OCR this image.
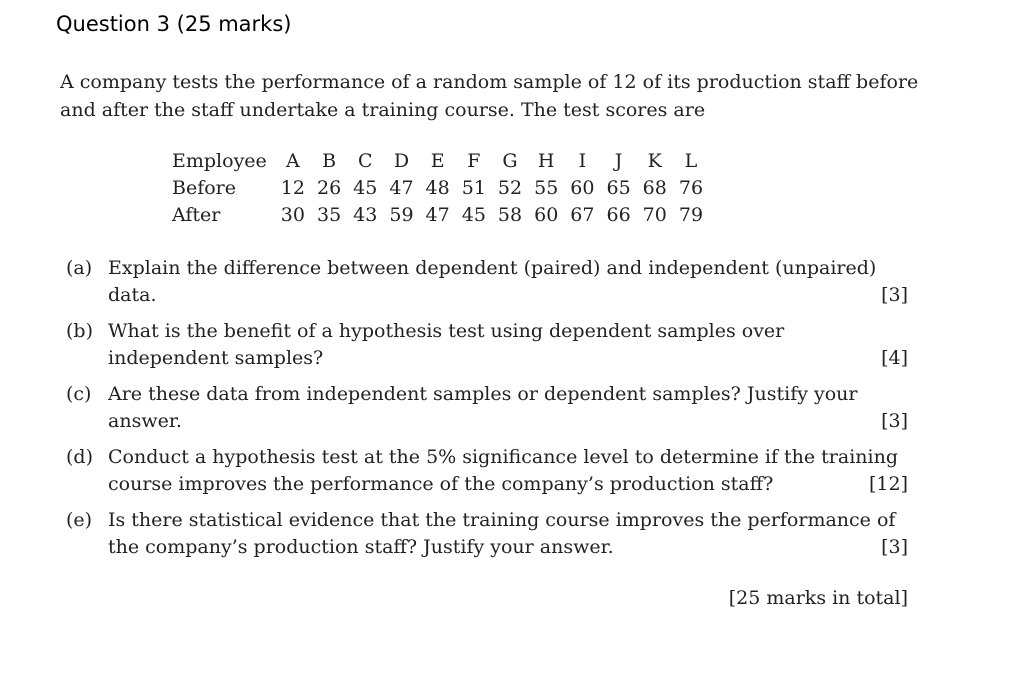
Question 3 (25 marks)
A company tests the performance of a random sample of 12 of its production staff before and after the staff undertake a training course. The test scores are
Employee	A	B	C	D	E	F	G	H	I	J	K	L
Before	12	26	45	47	48	51	52	55	60	65	68	76
After	30	35	43	59	47	45	58	60	67	66	70	79
(a) Explain the difference between dependent (paired) and independent (unpaired) data.	[3]
(b) What is the benefit of a hypothesis test using dependent samples over independent samples?	[4]
(c) Are these data from independent samples or dependent samples? Justify your answer.	[3]
(d) Conduct a hypothesis test at the 5% significance level to determine if the training course improves the performance of the company’s production staff?	[12]
(e) Is there statistical evidence that the training course improves the performance of the company’s production staff? Justify your answer.	[3]
[25 marks in total]
